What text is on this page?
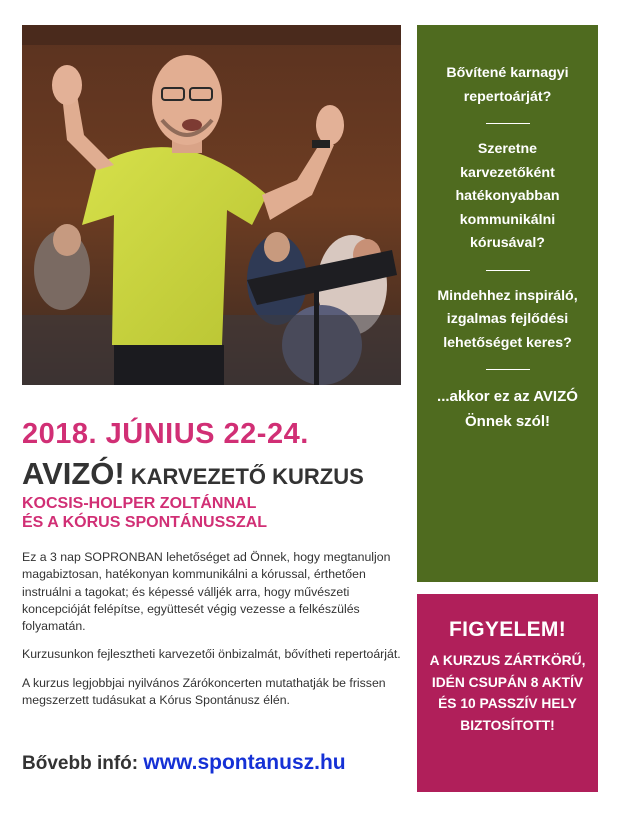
2018. JÚNIUS 22-24.
AVIZÓ! KARVEZETŐ KURZUS
KOCSIS-HOLPER ZOLTÁNNAL
ÉS A KÓRUS SPONTÁNUSSZAL

Ez a 3 nap SOPRONBAN lehetőséget ad Önnek, hogy megtanuljon magabiztosan, hatékonyan kommunikálni a kórussal, érthetően instruálni a tagokat; és képessé válljék arra, hogy művészeti koncepcióját felépítse, együttesét végig vezesse a felkészülés folyamatán.

Kurzusunkon fejlesztheti karvezetői önbizalmát, bővítheti repertoárját.

A kurzus legjobbjai nyilvános Zárókoncerten mutathatják be frissen megszerzett tudásukat a Kórus Spontánusz élén.

Bővebb infó: www.spontanusz.hu
Bővítené karnagyi repertoárját?
Szeretne karvezetőként hatékonyabban kommunikálni kórusával?
Mindehhez inspiráló, izgalmas fejlődési lehetőséget keres?
...akkor ez az AVIZÓ Önnek szól!
FIGYELEM!
A KURZUS ZÁRTKÖRŰ, IDÉN CSUPÁN 8 AKTÍV ÉS 10 PASSZÍV HELY BIZTOSÍTOTT!
